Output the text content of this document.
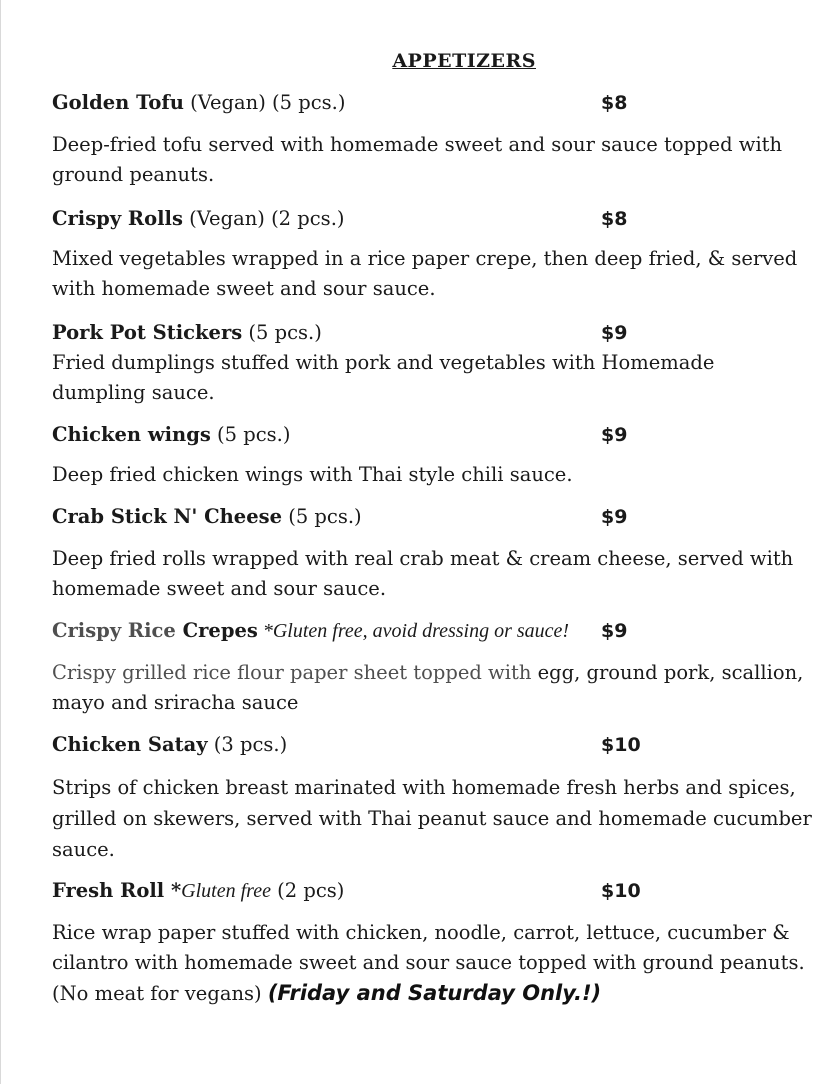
APPETIZERS
Golden Tofu (Vegan) (5 pcs.)	$8
Deep-fried tofu served with homemade sweet and sour sauce topped with
ground peanuts.
Crispy Rolls (Vegan) (2 pcs.)	$8
Mixed vegetables wrapped in a rice paper crepe, then deep fried, & served
with homemade sweet and sour sauce.
Pork Pot Stickers (5 pcs.)	$9
Fried dumplings stuffed with pork and vegetables with Homemade
dumpling sauce.
Chicken wings (5 pcs.)	$9
Deep fried chicken wings with Thai style chili sauce.
Crab Stick N' Cheese (5 pcs.)	$9
Deep fried rolls wrapped with real crab meat & cream cheese, served with
homemade sweet and sour sauce.
Crispy Rice Crepes *Gluten free, avoid dressing or sauce! $9
Crispy grilled rice flour paper sheet topped with egg, ground pork, scallion,
mayo and sriracha sauce
Chicken Satay (3 pcs.)	$10
Strips of chicken breast marinated with homemade fresh herbs and spices,
grilled on skewers, served with Thai peanut sauce and homemade cucumber
sauce.
Fresh Roll *Gluten free (2 pcs)	$10
Rice wrap paper stuffed with chicken, noodle, carrot, lettuce, cucumber &
cilantro with homemade sweet and sour sauce topped with ground peanuts.
(No meat for vegans) (Friday and Saturday Only.!)
